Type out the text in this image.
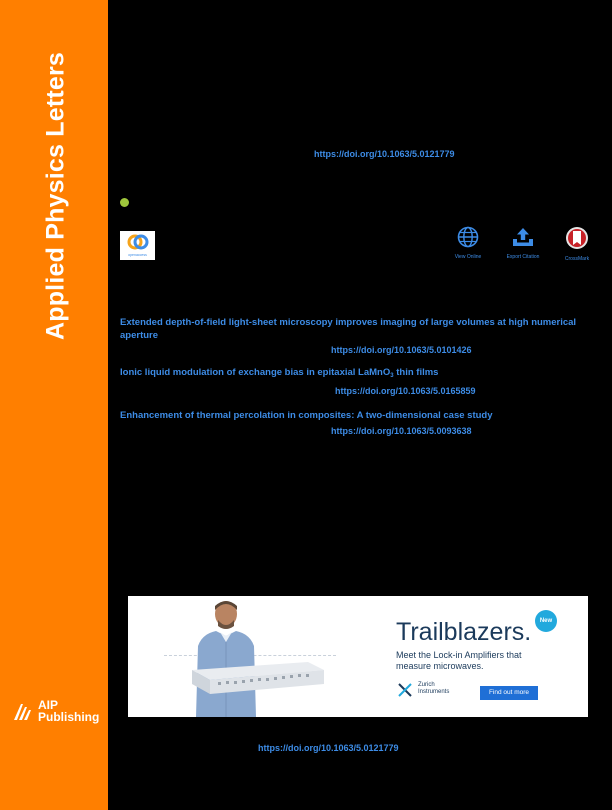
Applied Physics Letters
AIP
Publishing
https://doi.org/10.1063/5.0121779
openaccess	View Online	Export Citation	CrossMark
Extended depth-of-field light-sheet microscopy improves imaging of large volumes at high numerical aperture
https://doi.org/10.1063/5.0101426
Ionic liquid modulation of exchange bias in epitaxial LaMnO$_3$ thin films
https://doi.org/10.1063/5.0165859
Enhancement of thermal percolation in composites: A two-dimensional case study
https://doi.org/10.1063/5.0093638
Trailblazers.	New
Meet the Lock-in Amplifiers that measure microwaves.
Zurich
Instruments	Find out more
https://doi.org/10.1063/5.0121779
